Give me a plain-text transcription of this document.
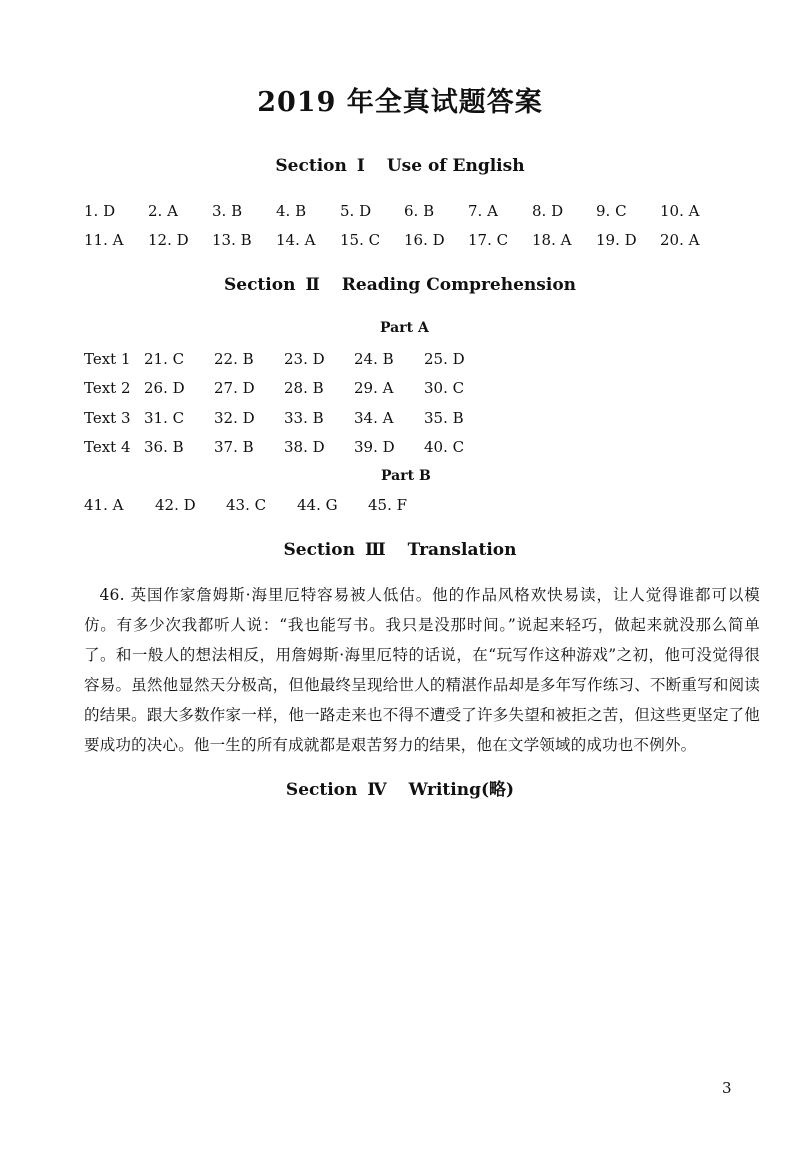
2019 年全真试题答案
Section Ⅰ Use of English
1. D	2. A	3. B	4. B	5. D	6. B	7. A	8. D	9. C	10. A
11. A	12. D	13. B	14. A	15. C	16. D	17. C	18. A	19. D	20. A
Section Ⅱ Reading Comprehension
Part A
Text 1 21. C	22. B	23. D	24. B	25. D
Text 2 26. D	27. D	28. B	29. A	30. C
Text 3 31. C	32. D	33. B	34. A	35. B
Text 4 36. B	37. B	38. D	39. D	40. C
Part B
41. A	42. D	43. C	44. G	45. F
Section Ⅲ Translation
46. 英国作家詹姆斯·海里厄特容易被人低估。他的作品风格欢快易读，让人觉得谁都可以模仿。有多少次我都听人说：“我也能写书。我只是没那时间。”说起来轻巧，做起来就没那么简单了。和一般人的想法相反，用詹姆斯·海里厄特的话说，在“玩写作这种游戏”之初，他可没觉得很容易。虽然他显然天分极高，但他最终呈现给世人的精湛作品却是多年写作练习、不断重写和阅读的结果。跟大多数作家一样，他一路走来也不得不遭受了许多失望和被拒之苦，但这些更坚定了他要成功的决心。他一生的所有成就都是艰苦努力的结果，他在文学领域的成功也不例外。
Section Ⅳ Writing(略)
3
